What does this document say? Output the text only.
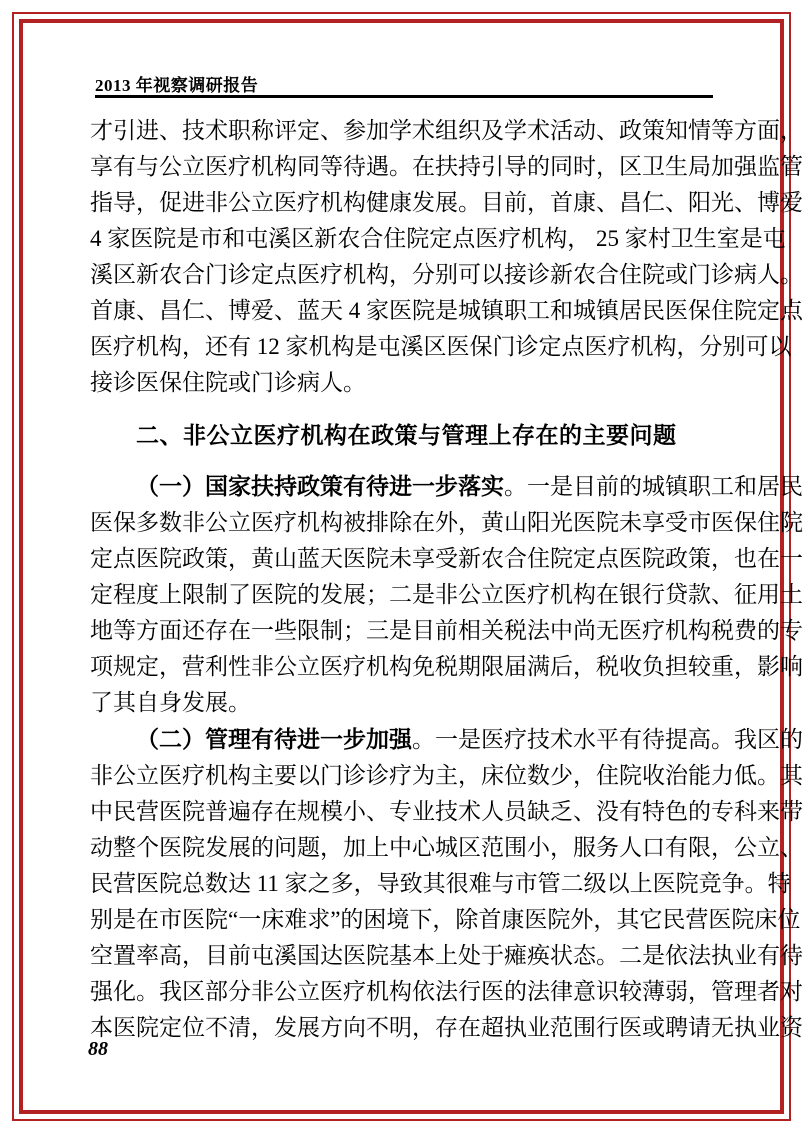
2013 年视察调研报告
才引进、技术职称评定、参加学术组织及学术活动、政策知情等方面，
享有与公立医疗机构同等待遇。在扶持引导的同时，区卫生局加强监管
指导，促进非公立医疗机构健康发展。目前，首康、昌仁、阳光、博爱
4 家医院是市和屯溪区新农合住院定点医疗机构， 25 家村卫生室是屯
溪区新农合门诊定点医疗机构，分别可以接诊新农合住院或门诊病人。
首康、昌仁、博爱、蓝天 4 家医院是城镇职工和城镇居民医保住院定点
医疗机构，还有 12 家机构是屯溪区医保门诊定点医疗机构，分别可以
接诊医保住院或门诊病人。
二、非公立医疗机构在政策与管理上存在的主要问题
（一）国家扶持政策有待进一步落实。一是目前的城镇职工和居民
医保多数非公立医疗机构被排除在外，黄山阳光医院未享受市医保住院
定点医院政策，黄山蓝天医院未享受新农合住院定点医院政策，也在一
定程度上限制了医院的发展；二是非公立医疗机构在银行贷款、征用土
地等方面还存在一些限制；三是目前相关税法中尚无医疗机构税费的专
项规定，营利性非公立医疗机构免税期限届满后，税收负担较重，影响
了其自身发展。
（二）管理有待进一步加强。一是医疗技术水平有待提高。我区的
非公立医疗机构主要以门诊诊疗为主，床位数少，住院收治能力低。其
中民营医院普遍存在规模小、专业技术人员缺乏、没有特色的专科来带
动整个医院发展的问题，加上中心城区范围小，服务人口有限，公立、
民营医院总数达 11 家之多，导致其很难与市管二级以上医院竞争。特
别是在市医院“一床难求”的困境下，除首康医院外，其它民营医院床位
空置率高，目前屯溪国达医院基本上处于瘫痪状态。二是依法执业有待
强化。我区部分非公立医疗机构依法行医的法律意识较薄弱，管理者对
本医院定位不清，发展方向不明，存在超执业范围行医或聘请无执业资
88
